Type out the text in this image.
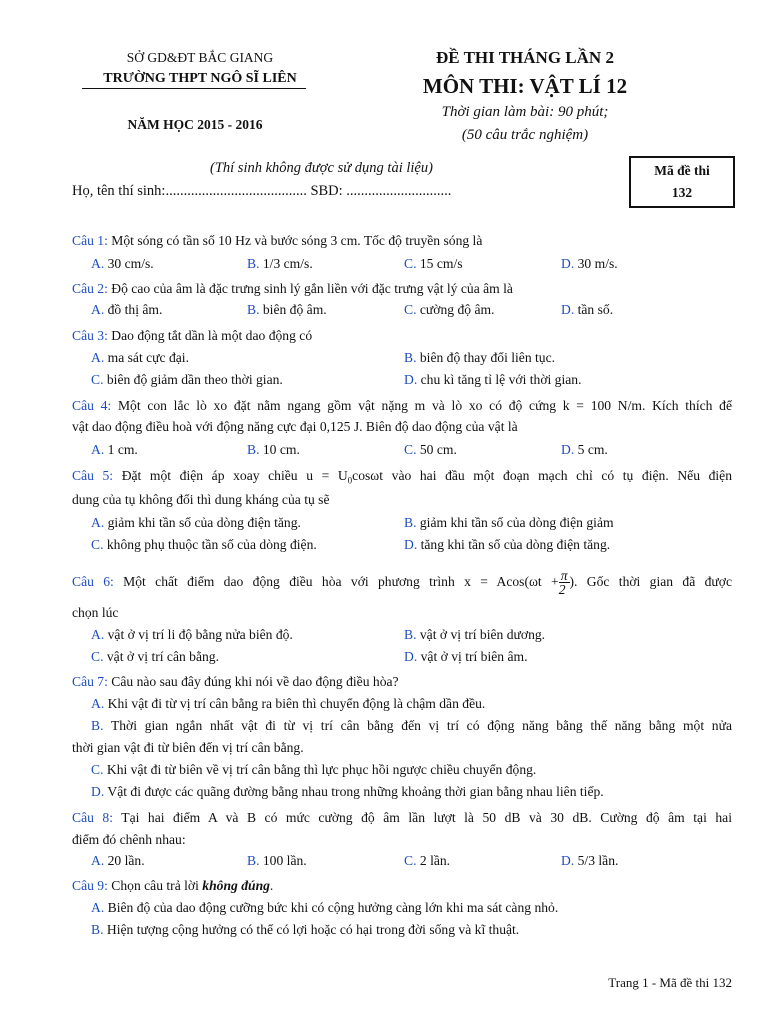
SỞ GD&ĐT BẮC GIANG
TRƯỜNG THPT NGÔ SĨ LIÊN
NĂM HỌC 2015 - 2016
ĐỀ THI THÁNG LẦN 2
MÔN THI: VẬT LÍ 12
Thời gian làm bài: 90 phút;
(50 câu trắc nghiệm)
(Thí sinh không được sử dụng tài liệu)
Họ, tên thí sinh:....................................... SBD: .............................
Mã đề thi
132
Câu 1: Một sóng có tần số 10 Hz và bước sóng 3 cm. Tốc độ truyền sóng là
A. 30 cm/s.	B. 1/3 cm/s.	C. 15 cm/s	D. 30 m/s.
Câu 2: Độ cao của âm là đặc trưng sinh lý gắn liền với đặc trưng vật lý của âm là
A. đồ thị âm.	B. biên độ âm.	C. cường độ âm.	D. tần số.
Câu 3: Dao động tắt dần là một dao động có
A. ma sát cực đại.	B. biên độ thay đổi liên tục.
C. biên độ giảm dần theo thời gian.	D. chu kì tăng tỉ lệ với thời gian.
Câu 4: Một con lắc lò xo đặt nằm ngang gồm vật nặng m và lò xo có độ cứng k = 100 N/m. Kích thích để
vật dao động điều hoà với động năng cực đại 0,125 J. Biên độ dao động của vật là
A. 1 cm.	B. 10 cm.	C. 50 cm.	D. 5 cm.
Câu 5: Đặt một điện áp xoay chiều $u = U_0\cos\omega t$ vào hai đầu một đoạn mạch chỉ có tụ điện. Nếu điện
dung của tụ không đổi thì dung kháng của tụ sẽ
A. giảm khi tần số của dòng điện tăng.	B. giảm khi tần số của dòng điện giảm
C. không phụ thuộc tần số của dòng điện.	D. tăng khi tần số của dòng điện tăng.
Câu 6: Một chất điểm dao động điều hòa với phương trình $x = Acos(\omega t + \frac{\pi}{2}$ ). Gốc thời gian đã được
chọn lúc
A. vật ở vị trí li độ bằng nửa biên độ.	B. vật ở vị trí biên dương.
C. vật ở vị trí cân bằng.	D. vật ở vị trí biên âm.
Câu 7: Câu nào sau đây đúng khi nói về dao động điều hòa?
A. Khi vật đi từ vị trí cân bằng ra biên thì chuyển động là chậm dần đều.
B. Thời gian ngắn nhất vật đi từ vị trí cân bằng đến vị trí có động năng bằng thế năng bằng một nửa
thời gian vật đi từ biên đến vị trí cân bằng.
C. Khi vật đi từ biên về vị trí cân bằng thì lực phục hồi ngược chiều chuyển động.
D. Vật đi được các quãng đường bằng nhau trong những khoảng thời gian bằng nhau liên tiếp.
Câu 8: Tại hai điểm A và B có mức cường độ âm lần lượt là 50 dB và 30 dB. Cường độ âm tại hai
điểm đó chênh nhau:
A. 20 lần.	B. 100 lần.	C. 2 lần.	D. 5/3 lần.
Câu 9: Chọn câu trả lời không đúng.
A. Biên độ của dao động cưỡng bức khi có cộng hưởng càng lớn khi ma sát càng nhỏ.
B. Hiện tượng cộng hưởng có thể có lợi hoặc có hại trong đời sống và kĩ thuật.
Trang 1 - Mã đề thi 132
